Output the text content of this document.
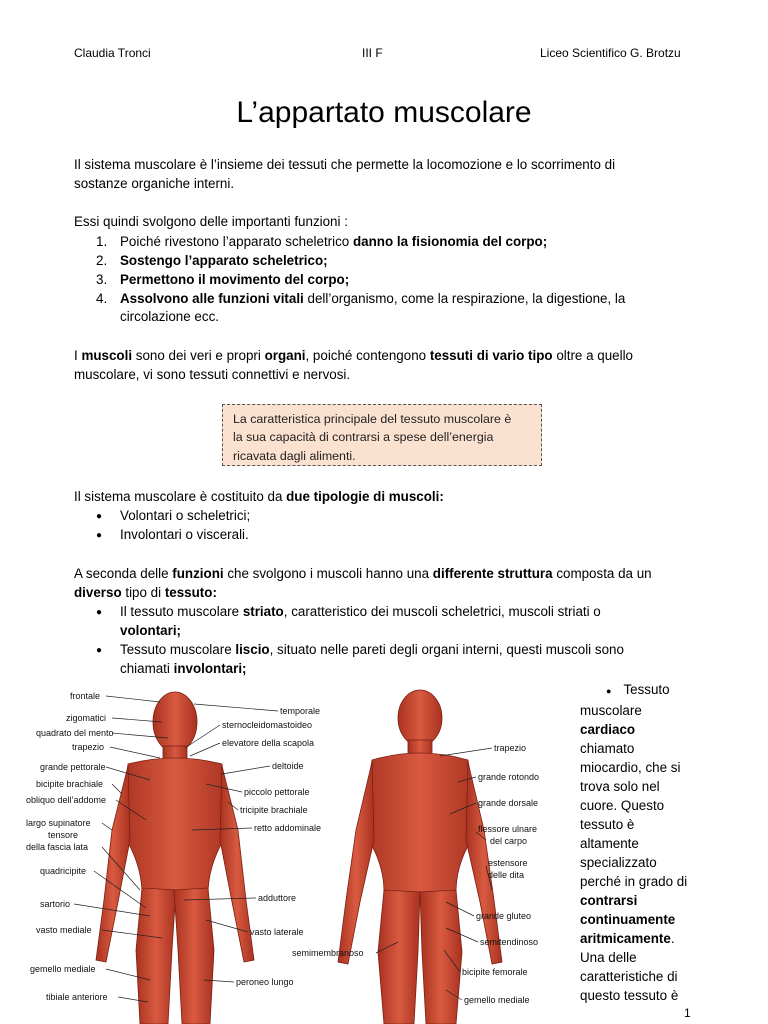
Claudia Tronci	III F	Liceo Scientifico G. Brotzu
L’appartato muscolare
Il sistema muscolare è l’insieme dei tessuti che permette la locomozione e lo scorrimento di
sostanze organiche interni.
Essi quindi svolgono delle importanti funzioni :
1. Poiché rivestono l’apparato scheletrico danno la fisionomia del corpo;
2. Sostengo l’apparato scheletrico;
3. Permettono il movimento del corpo;
4. Assolvono alle funzioni vitali dell’organismo, come la respirazione, la digestione, la
circolazione ecc.
I muscoli sono dei veri e propri organi, poiché contengono tessuti di vario tipo oltre a quello
muscolare, vi sono tessuti connettivi e nervosi.
La caratteristica principale del tessuto muscolare è
la sua capacità di contrarsi a spese dell’energia
ricavata dagli alimenti.
Il sistema muscolare è costituito da due tipologie di muscoli:
●	Volontari o scheletrici;
●	Involontari o viscerali.
A seconda delle funzioni che svolgono i muscoli hanno una differente struttura composta da un
diverso tipo di tessuto:
●	Il tessuto muscolare striato, caratteristico dei muscoli scheletrici, muscoli striati o
volontari;
●	Tessuto muscolare liscio, situato nelle pareti degli organi interni, questi muscoli sono
chiamati involontari;
frontale
zigomatici
quadrato del mento
trapezio
grande pettorale
bicipite brachiale
obliquo dell’addome
largo supinatore
tensore
della fascia lata
quadricipite
sartorio
vasto mediale
gemello mediale
tibiale anteriore
temporale
sternocleidomastoideo
elevatore della scapola
deltoide
piccolo pettorale
tricipite brachiale
retto addominale
adduttore
vasto laterale
peroneo lungo
trapezio
grande rotondo
grande dorsale
flessore ulnare
del carpo
estensore
delle dita
grande gluteo
semitendinoso
bicipite femorale
gemello mediale
semimembranoso
● Tessuto
muscolare
cardiaco
chiamato
miocardio, che si
trova solo nel
cuore. Questo
tessuto è
altamente
specializzato
perché in grado di
contrarsi
continuamente
aritmicamente.
Una delle
caratteristiche di
questo tessuto è
1
